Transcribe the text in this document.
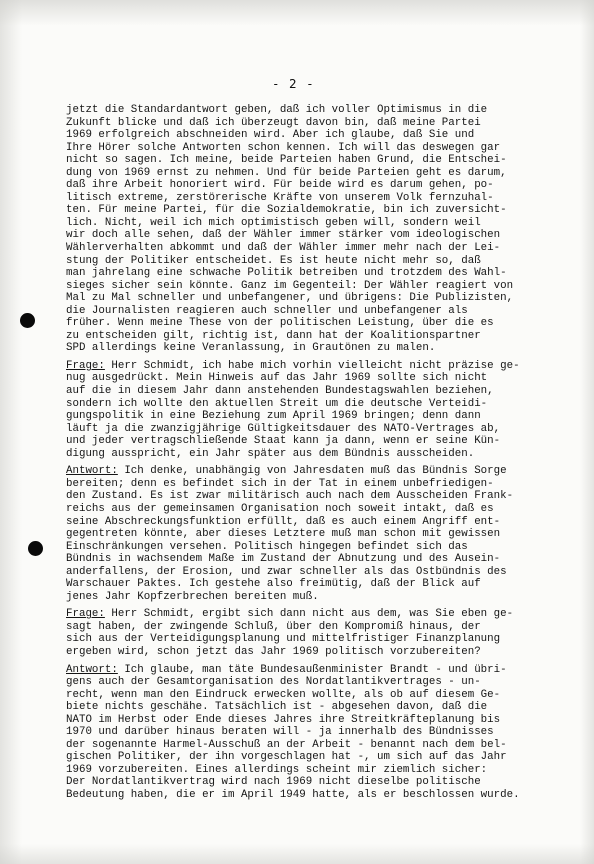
- 2 -
jetzt die Standardantwort geben, daß ich voller Optimismus in die
Zukunft blicke und daß ich überzeugt davon bin, daß meine Partei
1969 erfolgreich abschneiden wird. Aber ich glaube, daß Sie und
Ihre Hörer solche Antworten schon kennen. Ich will das deswegen gar
nicht so sagen. Ich meine, beide Parteien haben Grund, die Entschei-
dung von 1969 ernst zu nehmen. Und für beide Parteien geht es darum,
daß ihre Arbeit honoriert wird. Für beide wird es darum gehen, po-
litisch extreme, zerstörerische Kräfte von unserem Volk fernzuhal-
ten. Für meine Partei, für die Sozialdemokratie, bin ich zuversicht-
lich. Nicht, weil ich mich optimistisch geben will, sondern weil
wir doch alle sehen, daß der Wähler immer stärker vom ideologischen
Wählerverhalten abkommt und daß der Wähler immer mehr nach der Lei-
stung der Politiker entscheidet. Es ist heute nicht mehr so, daß
man jahrelang eine schwache Politik betreiben und trotzdem des Wahl-
sieges sicher sein könnte. Ganz im Gegenteil: Der Wähler reagiert von
Mal zu Mal schneller und unbefangener, und übrigens: Die Publizisten,
die Journalisten reagieren auch schneller und unbefangener als
früher. Wenn meine These von der politischen Leistung, über die es
zu entscheiden gilt, richtig ist, dann hat der Koalitionspartner
SPD allerdings keine Veranlassung, in Grautönen zu malen.
Frage: Herr Schmidt, ich habe mich vorhin vielleicht nicht präzise ge-
nug ausgedrückt. Mein Hinweis auf das Jahr 1969 sollte sich nicht
auf die in diesem Jahr dann anstehenden Bundestagswahlen beziehen,
sondern ich wollte den aktuellen Streit um die deutsche Verteidi-
gungspolitik in eine Beziehung zum April 1969 bringen; denn dann
läuft ja die zwanzigjährige Gültigkeitsdauer des NATO-Vertrages ab,
und jeder vertragschließende Staat kann ja dann, wenn er seine Kün-
digung ausspricht, ein Jahr später aus dem Bündnis ausscheiden.
Antwort: Ich denke, unabhängig von Jahresdaten muß das Bündnis Sorge
bereiten; denn es befindet sich in der Tat in einem unbefriedigen-
den Zustand. Es ist zwar militärisch auch nach dem Ausscheiden Frank-
reichs aus der gemeinsamen Organisation noch soweit intakt, daß es
seine Abschreckungsfunktion erfüllt, daß es auch einem Angriff ent-
gegentreten könnte, aber dieses Letztere muß man schon mit gewissen
Einschränkungen versehen. Politisch hingegen befindet sich das
Bündnis in wachsendem Maße im Zustand der Abnutzung und des Ausein-
anderfallens, der Erosion, und zwar schneller als das Ostbündnis des
Warschauer Paktes. Ich gestehe also freimütig, daß der Blick auf
jenes Jahr Kopfzerbrechen bereiten muß.
Frage: Herr Schmidt, ergibt sich dann nicht aus dem, was Sie eben ge-
sagt haben, der zwingende Schluß, über den Kompromiß hinaus, der
sich aus der Verteidigungsplanung und mittelfristiger Finanzplanung
ergeben wird, schon jetzt das Jahr 1969 politisch vorzubereiten?
Antwort: Ich glaube, man täte Bundesaußenminister Brandt - und übri-
gens auch der Gesamtorganisation des Nordatlantikvertrages - un-
recht, wenn man den Eindruck erwecken wollte, als ob auf diesem Ge-
biete nichts geschähe. Tatsächlich ist - abgesehen davon, daß die
NATO im Herbst oder Ende dieses Jahres ihre Streitkräfteplanung bis
1970 und darüber hinaus beraten will - ja innerhalb des Bündnisses
der sogenannte Harmel-Ausschuß an der Arbeit - benannt nach dem bel-
gischen Politiker, der ihn vorgeschlagen hat -, um sich auf das Jahr
1969 vorzubereiten. Eines allerdings scheint mir ziemlich sicher:
Der Nordatlantikvertrag wird nach 1969 nicht dieselbe politische
Bedeutung haben, die er im April 1949 hatte, als er beschlossen wurde.
